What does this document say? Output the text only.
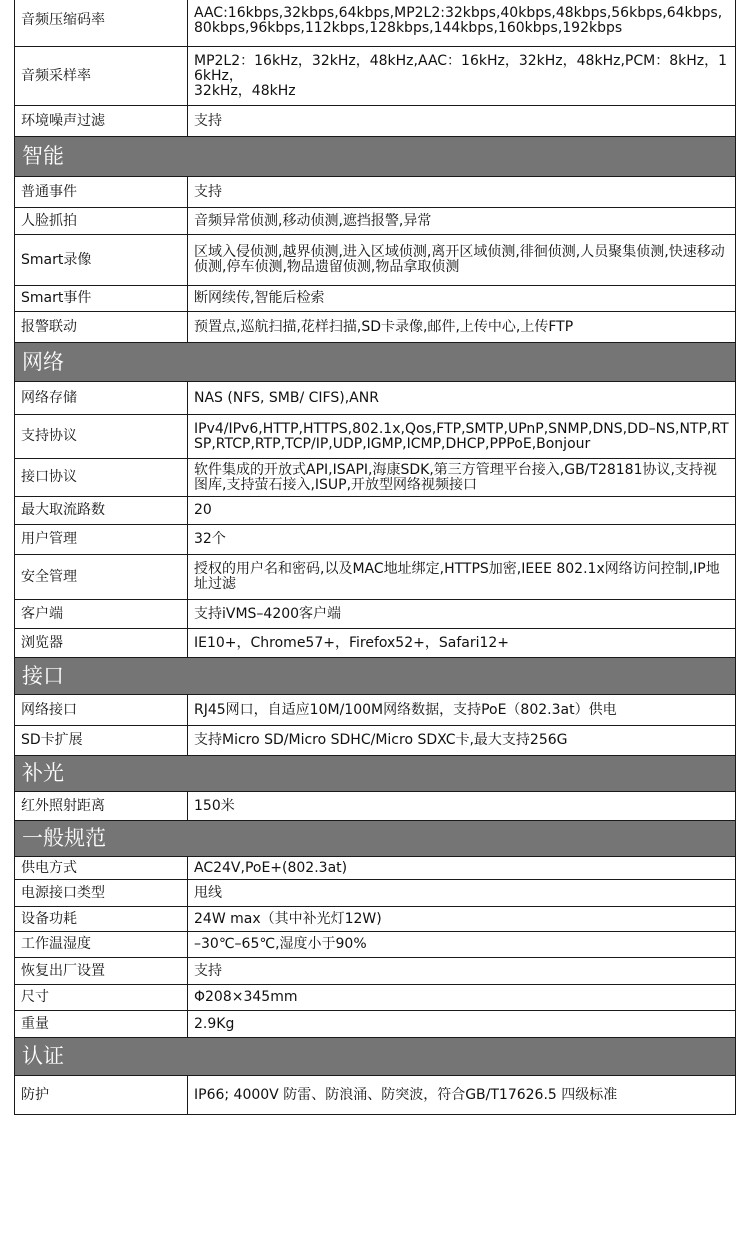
音频压缩码率	AAC:16kbps,32kbps,64kbps,MP2L2:32kbps,40kbps,48kbps,56kbps,64kbps,
80kbps,96kbps,112kbps,128kbps,144kbps,160kbps,192kbps
音频采样率	MP2L2：16kHz，32kHz，48kHz,AAC：16kHz，32kHz，48kHz,PCM：8kHz，16kHz，
32kHz，48kHz
环境噪声过滤	支持
智能	
普通事件	支持
人脸抓拍	音频异常侦测,移动侦测,遮挡报警,异常
Smart录像	区域入侵侦测,越界侦测,进入区域侦测,离开区域侦测,徘徊侦测,人员聚集侦测,快速移动侦测,停车侦测,物品遗留侦测,物品拿取侦测
Smart事件	断网续传,智能后检索
报警联动	预置点,巡航扫描,花样扫描,SD卡录像,邮件,上传中心,上传FTP
网络	
网络存储	NAS (NFS, SMB/ CIFS),ANR
支持协议	IPv4/IPv6,HTTP,HTTPS,802.1x,Qos,FTP,SMTP,UPnP,SNMP,DNS,DD–NS,NTP,RTSP,RTCP,RTP,TCP/IP,UDP,IGMP,ICMP,DHCP,PPPoE,Bonjour
接口协议	软件集成的开放式API,ISAPI,海康SDK,第三方管理平台接入,GB/T28181协议,支持视图库,支持萤石接入,ISUP,开放型网络视频接口
最大取流路数	20
用户管理	32个
安全管理	授权的用户名和密码,以及MAC地址绑定,HTTPS加密,IEEE 802.1x网络访问控制,IP地址过滤
客户端	支持iVMS–4200客户端
浏览器	IE10+，Chrome57+，Firefox52+，Safari12+
接口	
网络接口	RJ45网口，自适应10M/100M网络数据，支持PoE（802.3at）供电
SD卡扩展	支持Micro SD/Micro SDHC/Micro SDXC卡,最大支持256G
补光	
红外照射距离	150米
一般规范	
供电方式	AC24V,PoE+(802.3at)
电源接口类型	甩线
设备功耗	24W max（其中补光灯12W)
工作温湿度	–30℃–65℃,湿度小于90%
恢复出厂设置	支持
尺寸	Φ208×345mm
重量	2.9Kg
认证	
防护	IP66; 4000V 防雷、防浪涌、防突波，符合GB/T17626.5 四级标准
